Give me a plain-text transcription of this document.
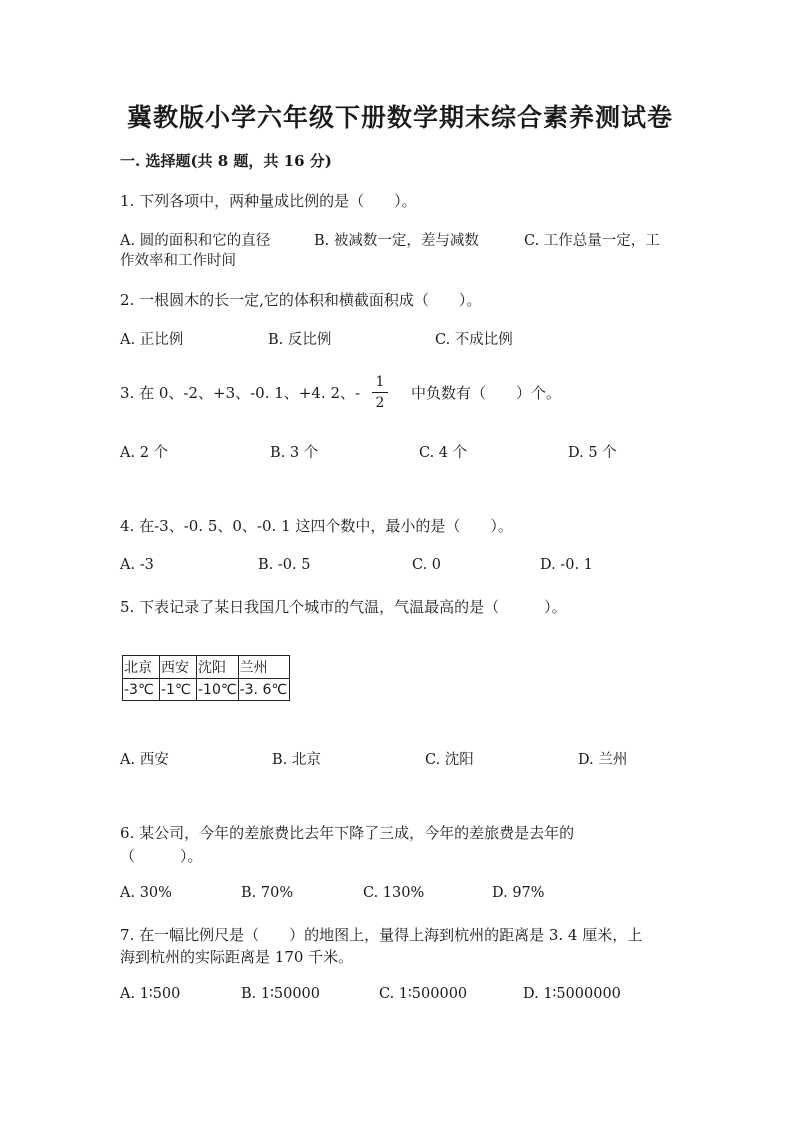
冀教版小学六年级下册数学期末综合素养测试卷
一. 选择题(共 8 题，共 16 分)
1. 下列各项中，两种量成比例的是（　　）。
A. 圆的面积和它的直径	B. 被减数一定，差与减数	C. 工作总量一定，工
作效率和工作时间
2. 一根圆木的长一定,它的体积和横截面积成（　　）。
A. 正比例	B. 反比例	C. 不成比例
3. 在 0、-2、+3、-0. 1、+4. 2、- $\frac{1}{2}$ 中负数有（　　）个。
A. 2 个	B. 3 个	C. 4 个	D. 5 个
4. 在-3、-0. 5、0、-0. 1 这四个数中，最小的是（　　）。
A. -3	B. -0. 5	C. 0	D. -0. 1
5. 下表记录了某日我国几个城市的气温，气温最高的是（　　　）。
北京	西安	沈阳	兰州
-3℃	-1℃	-10℃	-3. 6℃
A. 西安	B. 北京	C. 沈阳	D. 兰州
6. 某公司，今年的差旅费比去年下降了三成，今年的差旅费是去年的
（　　　）。
A. 30%	B. 70%	C. 130%	D. 97%
7. 在一幅比例尺是（　　）的地图上，量得上海到杭州的距离是 3. 4 厘米，上
海到杭州的实际距离是 170 千米。
A. 1∶500	B. 1∶50000	C. 1∶500000	D. 1∶5000000
